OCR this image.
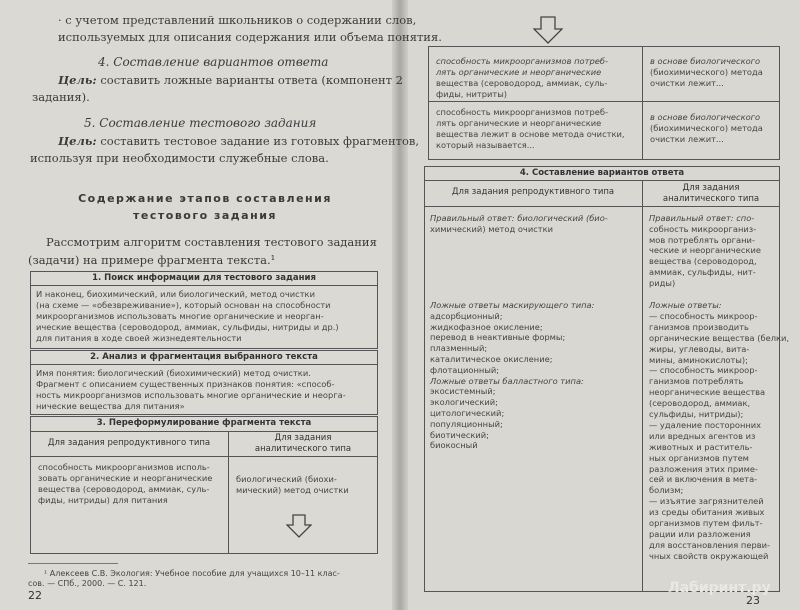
· с учетом представлений школьников о содержании слов,
используемых для описания содержания или объема понятия.
4. Составление вариантов ответа
Цель: составить ложные варианты ответа (компонент 2
задания).
5. Составление тестового задания
Цель: составить тестовое задание из готовых фрагментов,
используя при необходимости служебные слова.
Содержание этапов составления
тестового задания
Рассмотрим алгоритм составления тестового задания
(задачи) на примере фрагмента текста.¹
1. Поиск информации для тестового задания
И наконец, биохимический, или биологический, метод очистки
(на схеме — «обезвреживание»), который основан на способности
микроорганизмов использовать многие органические и неорган-
ические вещества (сероводород, аммиак, сульфиды, нитриды и др.)
для питания в ходе своей жизнедеятельности
2. Анализ и фрагментация выбранного текста
Имя понятия: биологический (биохимический) метод очистки.
Фрагмент с описанием существенных признаков понятия: «способ-
ность микроорганизмов использовать многие органические и неорга-
нические вещества для питания»
3. Переформулирование фрагмента текста
Для задания репродуктивного типа	Для задания
аналитического типа
способность микроорганизмов исполь-
зовать органические и неорганические
вещества (сероводород, аммиак, суль-
фиды, нитриды) для питания
биологический (биохи-
мический) метод очистки
¹ Алексеев С.В. Экология: Учебное пособие для учащихся 10–11 клас-
сов. — СПб., 2000. — С. 121.
22
способность микроорганизмов потреб-
лять органические и неорганические
вещества (сероводород, аммиак, суль-
фиды, нитриты)
в основе биологического
(биохимического) метода
очистки лежит...
способность микроорганизмов потреб-
лять органические и неорганические
вещества лежит в основе метода очистки,
который называется...
в основе биологического
(биохимического) метода
очистки лежит...
4. Составление вариантов ответа
Для задания репродуктивного типа	Для задания
аналитического типа
Правильный ответ: биологический (био-
химический) метод очистки
Правильный ответ: спо-
собность микроорганиз-
мов потреблять органи-
ческие и неорганические
вещества (сероводород,
аммиак, сульфиды, нит-
риды)
Ложные ответы маскирующего типа:
адсорбционный;
жидкофазное окисление;
перевод в неактивные формы;
плазменный;
каталитическое окисление;
флотационный;
Ложные ответы балластного типа:
экосистемный;
экологический;
цитологический;
популяционный;
биотический;
биокосный
Ложные ответы:
— способность микроор-
ганизмов производить
органические вещества (белки,
жиры, углеводы, вита-
мины, аминокислоты);
— способность микроор-
ганизмов потреблять
неорганические вещества
(сероводород, аммиак,
сульфиды, нитриды);
— удаление посторонних
или вредных агентов из
животных и раститель-
ных организмов путем
разложения этих приме-
сей и включения в мета-
болизм;
— изъятие загрязнителей
из среды обитания живых
организмов путем фильт-
рации или разложения
для восстановления перви-
чных свойств окружающей
Лабиринт.ру
23
